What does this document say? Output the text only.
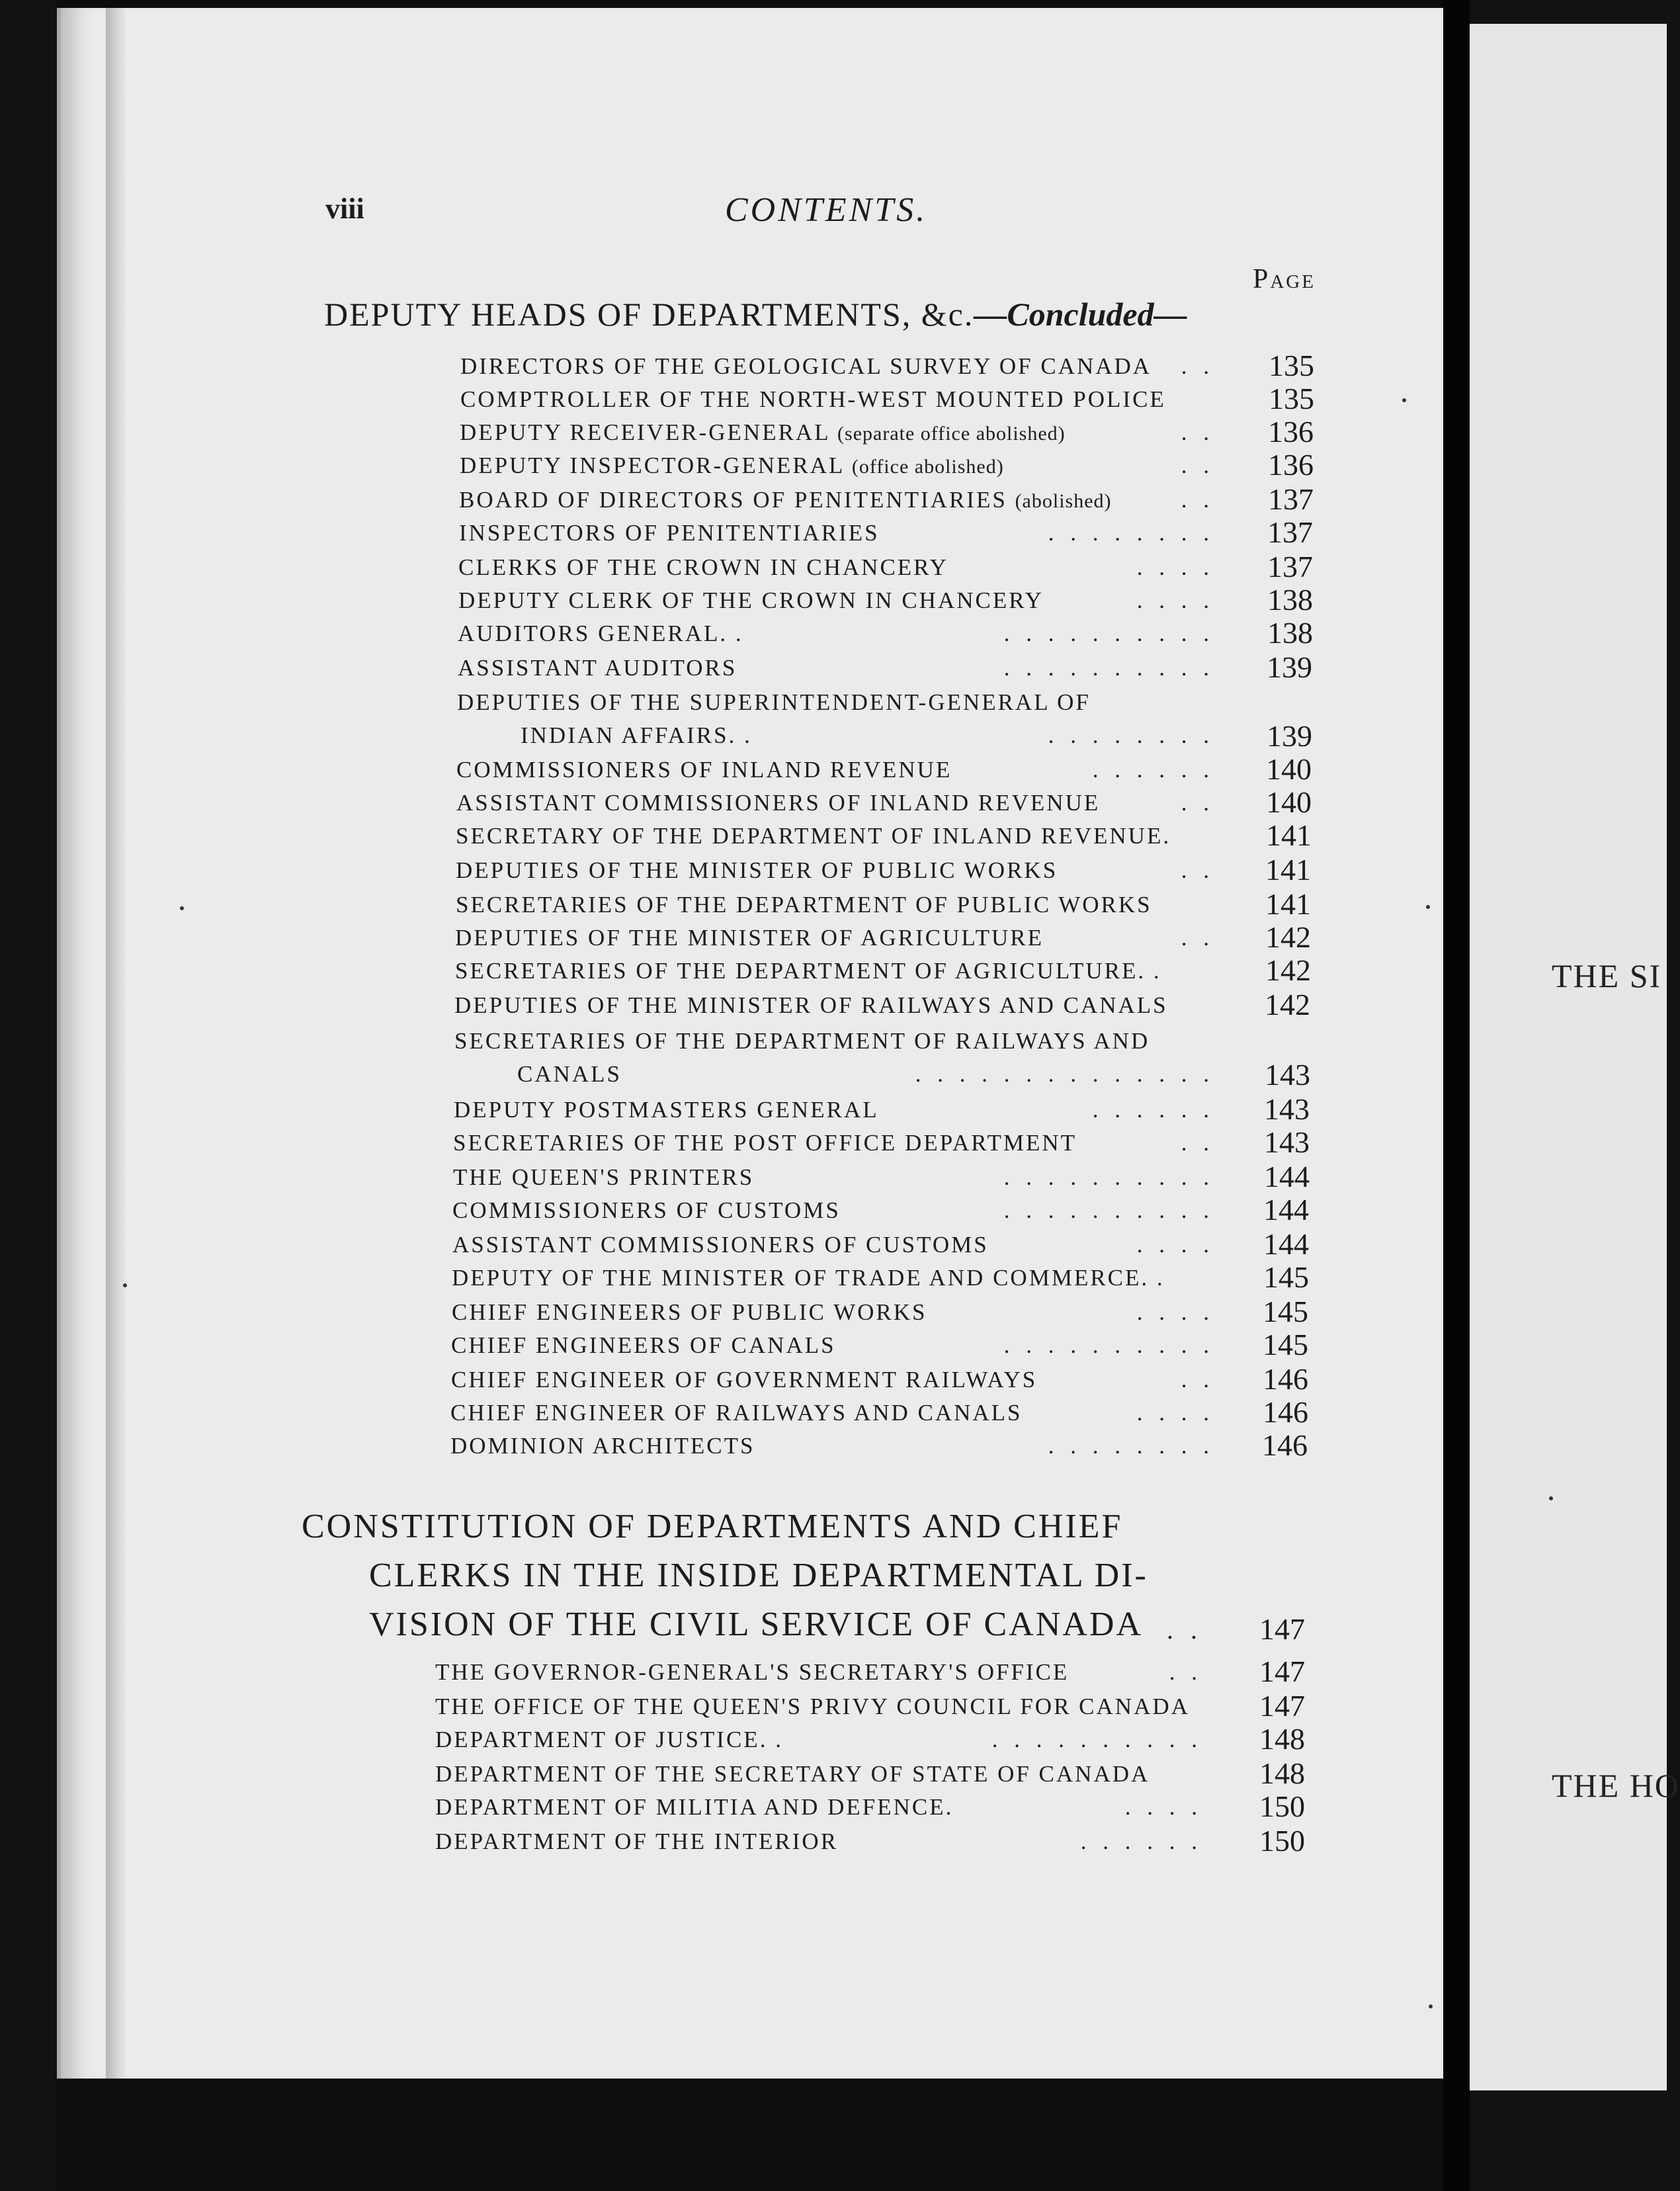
THE SI
THE HO
viii	CONTENTS.
Page
DEPUTY HEADS OF DEPARTMENTS, &c.—Concluded—
DIRECTORS OF THE GEOLOGICAL SURVEY OF CANADA . . 135
COMPTROLLER OF THE NORTH-WEST MOUNTED POLICE	135
DEPUTY RECEIVER-GENERAL (separate office abolished)	. . 136
DEPUTY INSPECTOR-GENERAL (office abolished)	. . 136
BOARD OF DIRECTORS OF PENITENTIARIES (abolished)	. . 137
INSPECTORS OF PENITENTIARIES	. . . . . . . . 137
CLERKS OF THE CROWN IN CHANCERY	. . . . 137
DEPUTY CLERK OF THE CROWN IN CHANCERY	. . . . 138
AUDITORS GENERAL. .	. . . . . . . . . . 138
ASSISTANT AUDITORS	. . . . . . . . . . 139
DEPUTIES OF THE SUPERINTENDENT-GENERAL OF
INDIAN AFFAIRS. .	. . . . . . . . 139
COMMISSIONERS OF INLAND REVENUE	. . . . . . 140
ASSISTANT COMMISSIONERS OF INLAND REVENUE	. . 140
SECRETARY OF THE DEPARTMENT OF INLAND REVENUE.	141
DEPUTIES OF THE MINISTER OF PUBLIC WORKS	. . 141
SECRETARIES OF THE DEPARTMENT OF PUBLIC WORKS	141
DEPUTIES OF THE MINISTER OF AGRICULTURE	. . 142
SECRETARIES OF THE DEPARTMENT OF AGRICULTURE. .	142
DEPUTIES OF THE MINISTER OF RAILWAYS AND CANALS	142
SECRETARIES OF THE DEPARTMENT OF RAILWAYS AND
CANALS	. . . . . . . . . . . . . . 143
DEPUTY POSTMASTERS GENERAL	. . . . . . 143
SECRETARIES OF THE POST OFFICE DEPARTMENT	. . 143
THE QUEEN'S PRINTERS	. . . . . . . . . . 144
COMMISSIONERS OF CUSTOMS	. . . . . . . . . . 144
ASSISTANT COMMISSIONERS OF CUSTOMS	. . . . 144
DEPUTY OF THE MINISTER OF TRADE AND COMMERCE. .	145
CHIEF ENGINEERS OF PUBLIC WORKS	. . . . 145
CHIEF ENGINEERS OF CANALS	. . . . . . . . . . 145
CHIEF ENGINEER OF GOVERNMENT RAILWAYS	. . 146
CHIEF ENGINEER OF RAILWAYS AND CANALS	. . . . 146
DOMINION ARCHITECTS	. . . . . . . . 146
CONSTITUTION OF DEPARTMENTS AND CHIEF
CLERKS IN THE INSIDE DEPARTMENTAL DI-
VISION OF THE CIVIL SERVICE OF CANADA . . 147
THE GOVERNOR-GENERAL'S SECRETARY'S OFFICE	. . 147
THE OFFICE OF THE QUEEN'S PRIVY COUNCIL FOR CANADA 147
DEPARTMENT OF JUSTICE. .	. . . . . . . . . . 148
DEPARTMENT OF THE SECRETARY OF STATE OF CANADA	148
DEPARTMENT OF MILITIA AND DEFENCE.	. . . . 150
DEPARTMENT OF THE INTERIOR	. . . . . . 150
